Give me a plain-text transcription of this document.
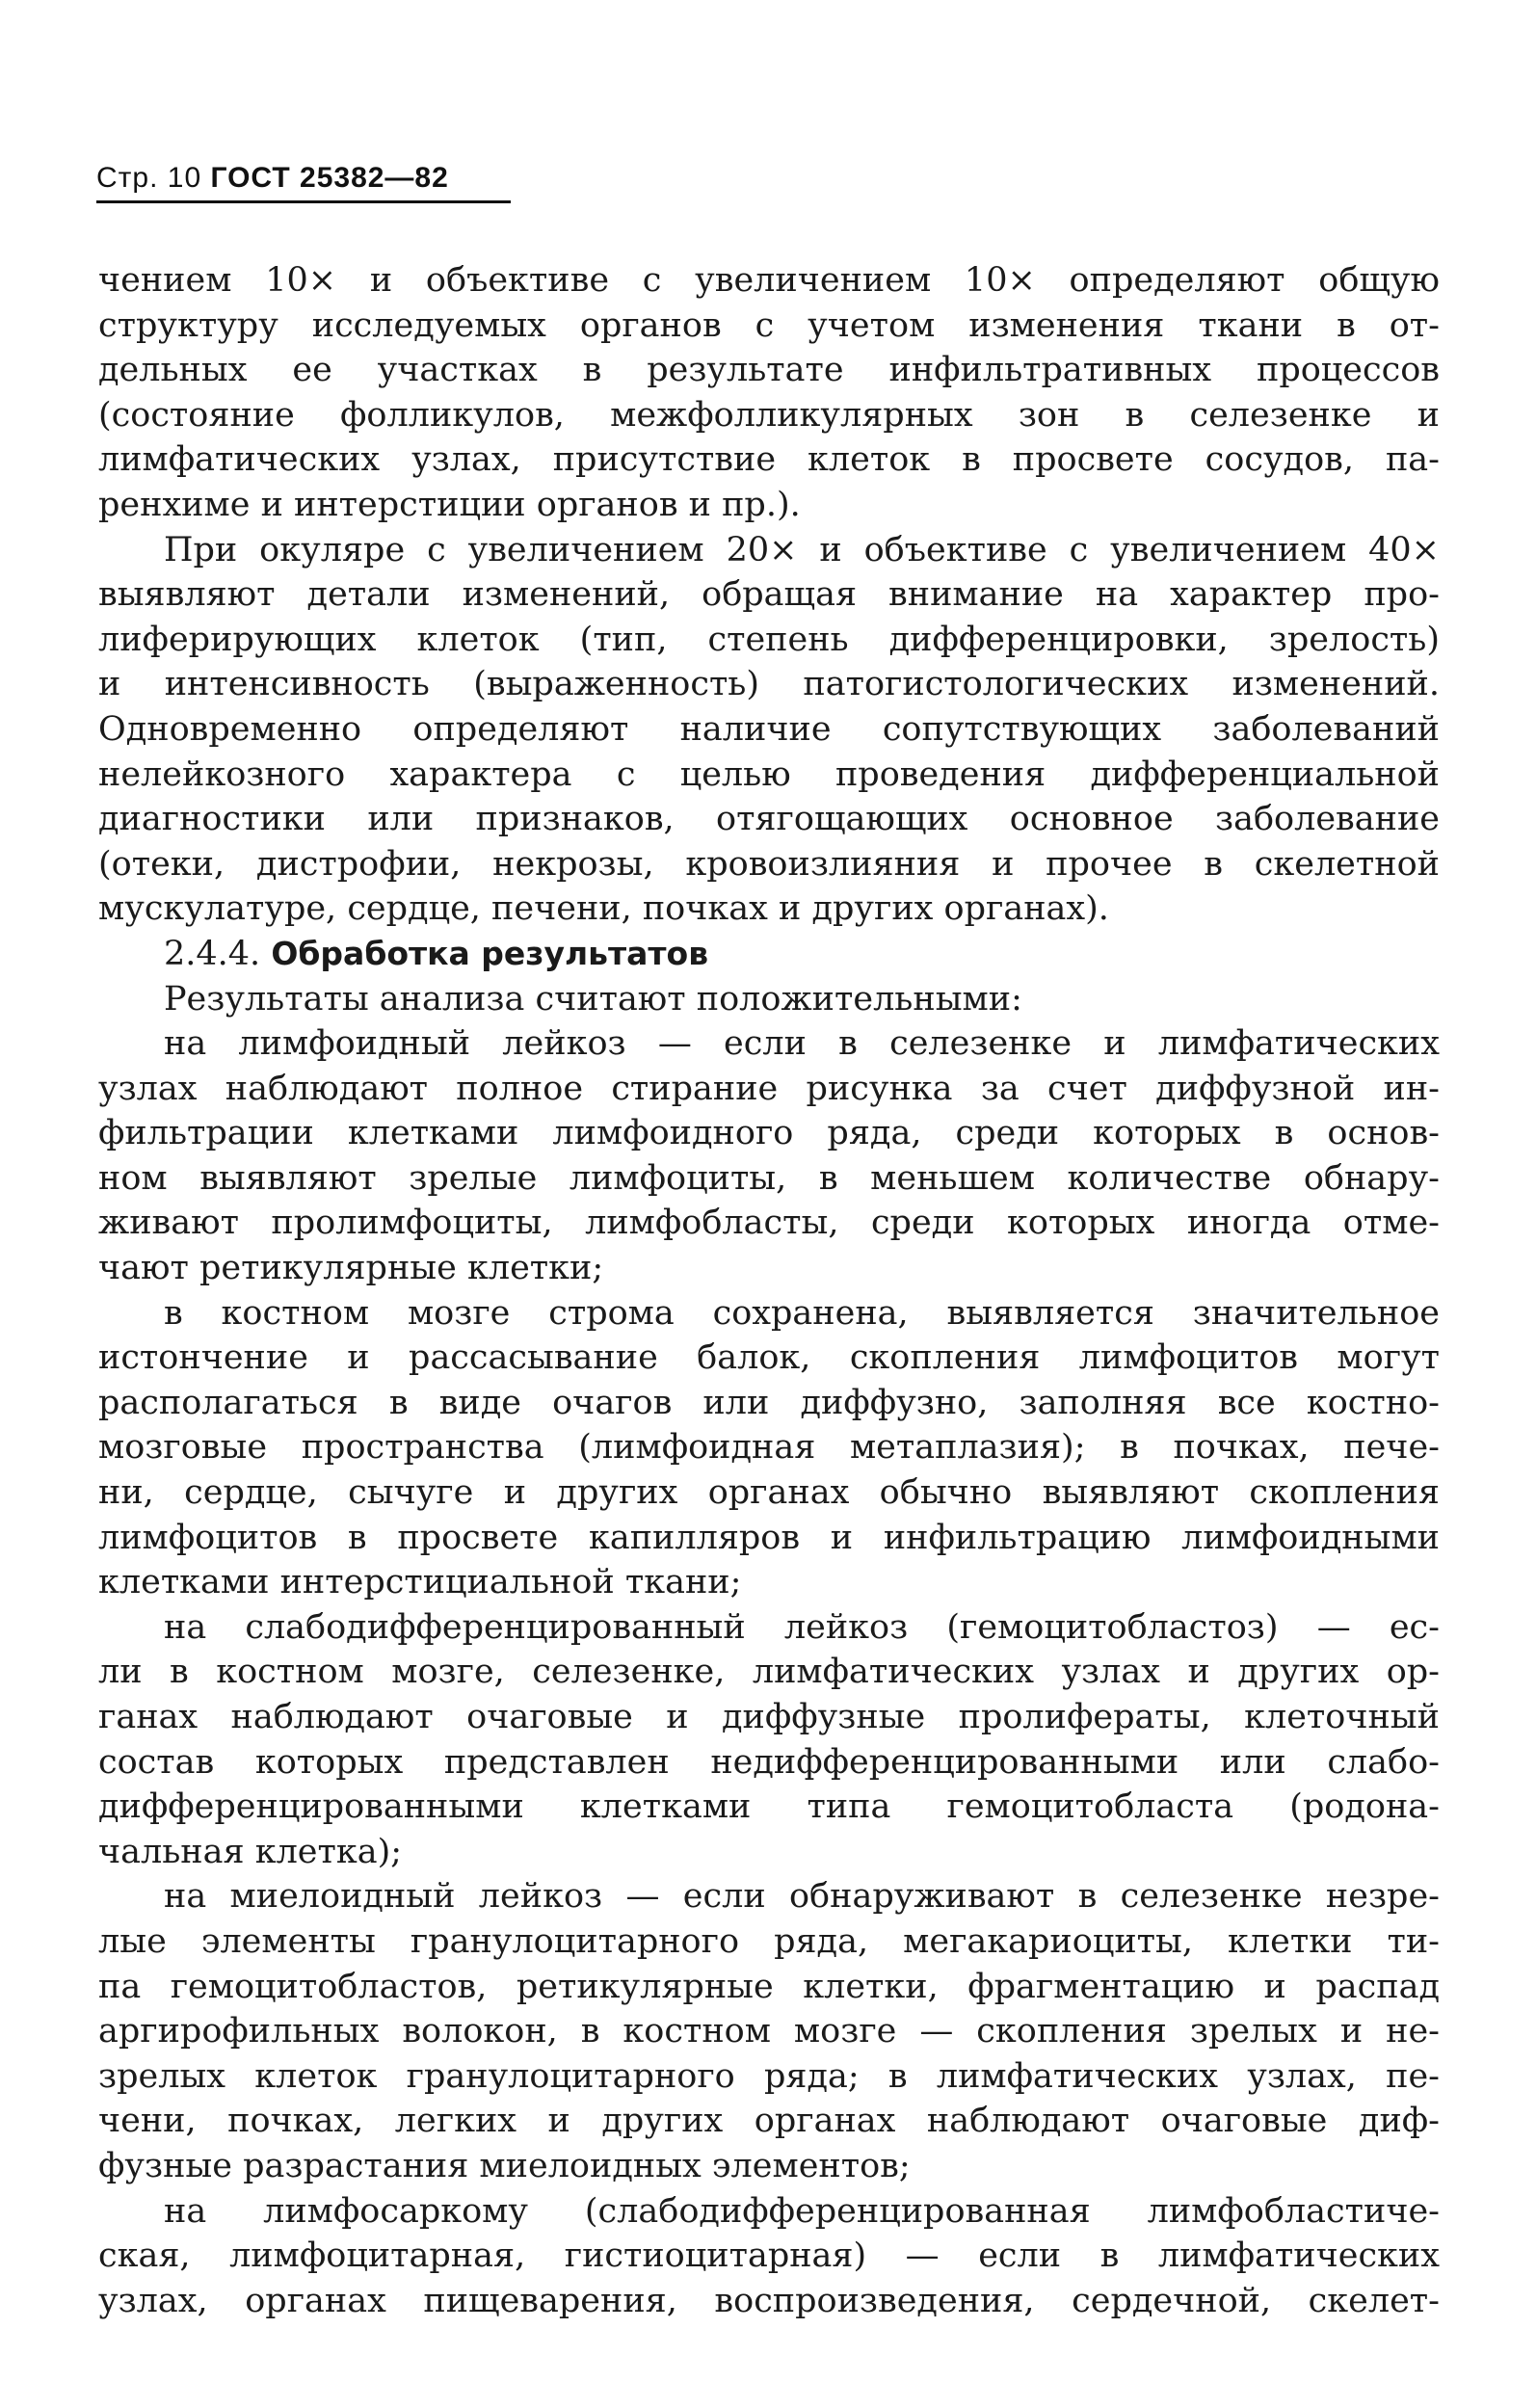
Стр. 10 ГОСТ 25382—82
чением 10× и объективе с увеличением 10× определяют общую
структуру исследуемых органов с учетом изменения ткани в от-
дельных ее участках в результате инфильтративных процессов
(состояние фолликулов, межфолликулярных зон в селезенке и
лимфатических узлах, присутствие клеток в просвете сосудов, па-
ренхиме и интерстиции органов и пр.).
При окуляре с увеличением 20× и объективе с увеличением 40×
выявляют детали изменений, обращая внимание на характер про-
лиферирующих клеток (тип, степень дифференцировки, зрелость)
и интенсивность (выраженность) патогистологических изменений.
Одновременно определяют наличие сопутствующих заболеваний
нелейкозного характера с целью проведения дифференциальной
диагностики или признаков, отягощающих основное заболевание
(отеки, дистрофии, некрозы, кровоизлияния и прочее в скелетной
мускулатуре, сердце, печени, почках и других органах).
2.4.4. Обработка результатов
Результаты анализа считают положительными:
на лимфоидный лейкоз — если в селезенке и лимфатических
узлах наблюдают полное стирание рисунка за счет диффузной ин-
фильтрации клетками лимфоидного ряда, среди которых в основ-
ном выявляют зрелые лимфоциты, в меньшем количестве обнару-
живают пролимфоциты, лимфобласты, среди которых иногда отме-
чают ретикулярные клетки;
в костном мозге строма сохранена, выявляется значительное
истончение и рассасывание балок, скопления лимфоцитов могут
располагаться в виде очагов или диффузно, заполняя все костно-
мозговые пространства (лимфоидная метаплазия); в почках, пече-
ни, сердце, сычуге и других органах обычно выявляют скопления
лимфоцитов в просвете капилляров и инфильтрацию лимфоидными
клетками интерстициальной ткани;
на слабодифференцированный лейкоз (гемоцитобластоз) — ес-
ли в костном мозге, селезенке, лимфатических узлах и других ор-
ганах наблюдают очаговые и диффузные пролифераты, клеточный
состав которых представлен недифференцированными или слабо-
дифференцированными клетками типа гемоцитобласта (родона-
чальная клетка);
на миелоидный лейкоз — если обнаруживают в селезенке незре-
лые элементы гранулоцитарного ряда, мегакариоциты, клетки ти-
па гемоцитобластов, ретикулярные клетки, фрагментацию и распад
аргирофильных волокон, в костном мозге — скопления зрелых и не-
зрелых клеток гранулоцитарного ряда; в лимфатических узлах, пе-
чени, почках, легких и других органах наблюдают очаговые диф-
фузные разрастания миелоидных элементов;
на лимфосаркому (слабодифференцированная лимфобластиче-
ская, лимфоцитарная, гистиоцитарная) — если в лимфатических
узлах, органах пищеварения, воспроизведения, сердечной, скелет-
